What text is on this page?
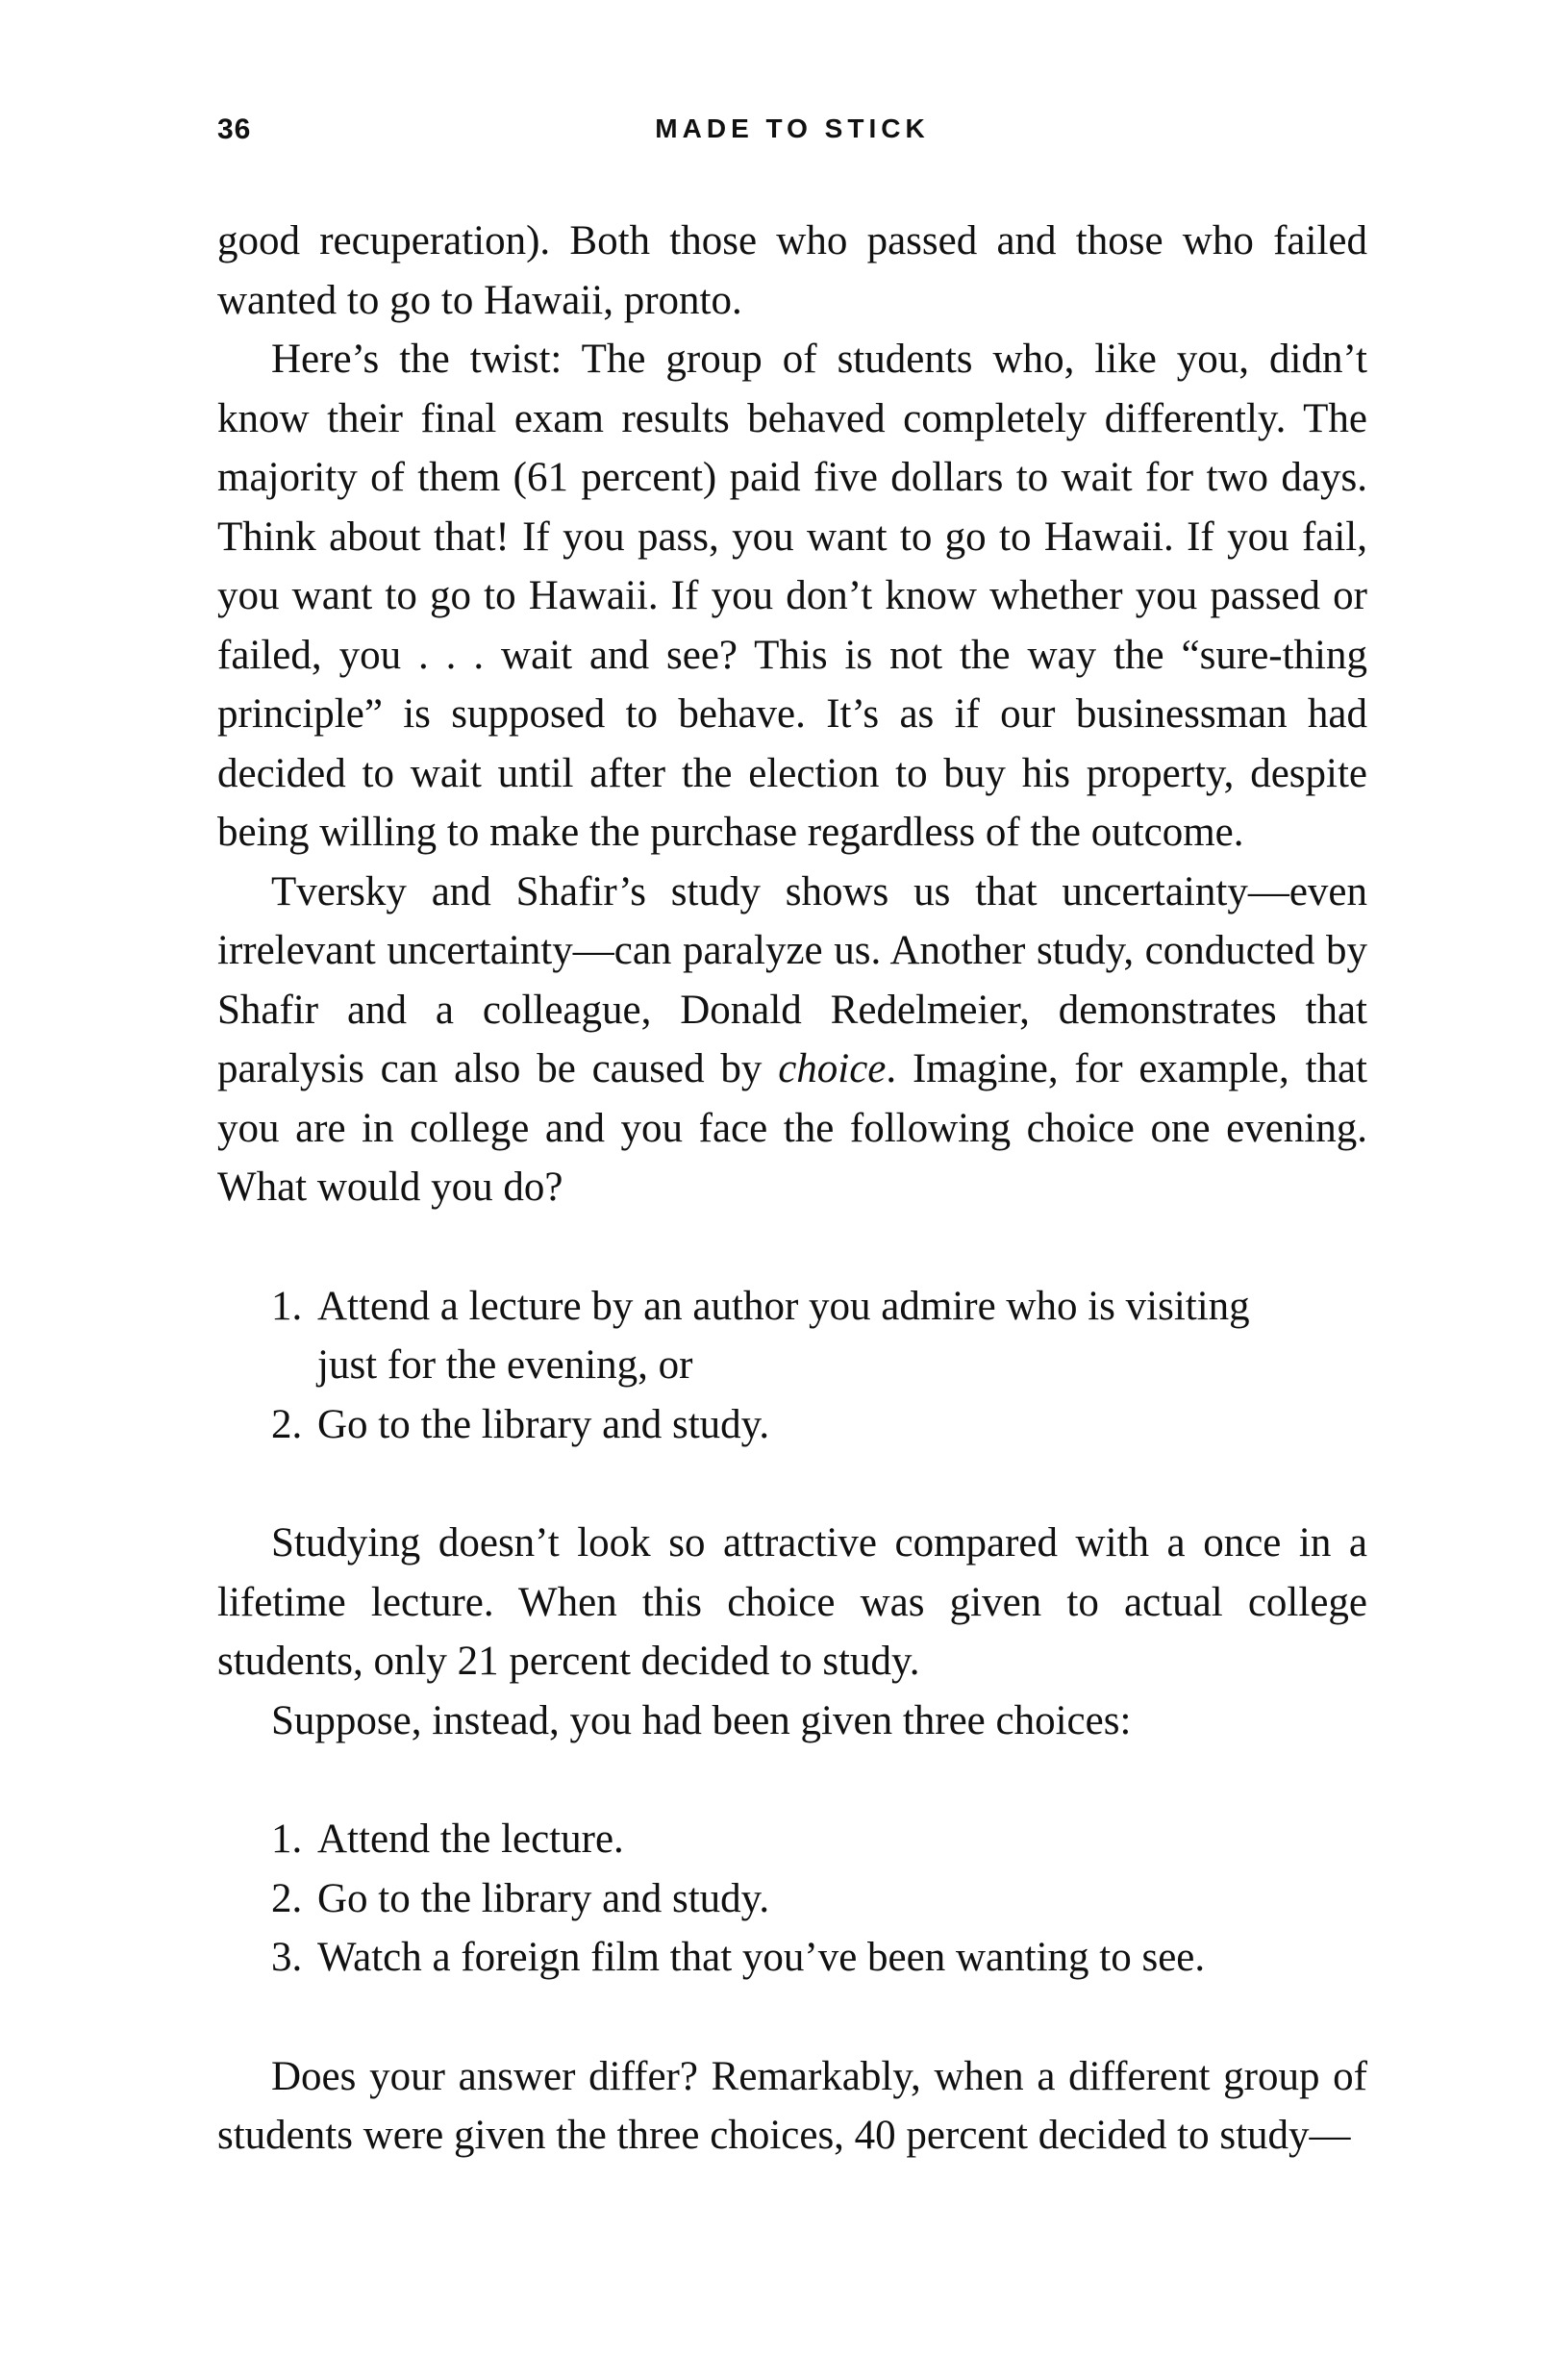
36	MADE TO STICK

good recuperation). Both those who passed and those who failed wanted to go to Hawaii, pronto.

Here’s the twist: The group of students who, like you, didn’t know their final exam results behaved completely differently. The majority of them (61 percent) paid five dollars to wait for two days. Think about that! If you pass, you want to go to Hawaii. If you fail, you want to go to Hawaii. If you don’t know whether you passed or failed, you . . . wait and see? This is not the way the “sure-thing principle” is supposed to behave. It’s as if our businessman had decided to wait until after the election to buy his property, despite being willing to make the purchase regardless of the outcome.

Tversky and Shafir’s study shows us that uncertainty—even irrelevant uncertainty—can paralyze us. Another study, conducted by Shafir and a colleague, Donald Redelmeier, demonstrates that paralysis can also be caused by choice. Imagine, for example, that you are in college and you face the following choice one evening. What would you do?

1. Attend a lecture by an author you admire who is visiting just for the evening, or
2. Go to the library and study.

Studying doesn’t look so attractive compared with a once in a lifetime lecture. When this choice was given to actual college students, only 21 percent decided to study.

Suppose, instead, you had been given three choices:

1. Attend the lecture.
2. Go to the library and study.
3. Watch a foreign film that you’ve been wanting to see.

Does your answer differ? Remarkably, when a different group of students were given the three choices, 40 percent decided to study—
